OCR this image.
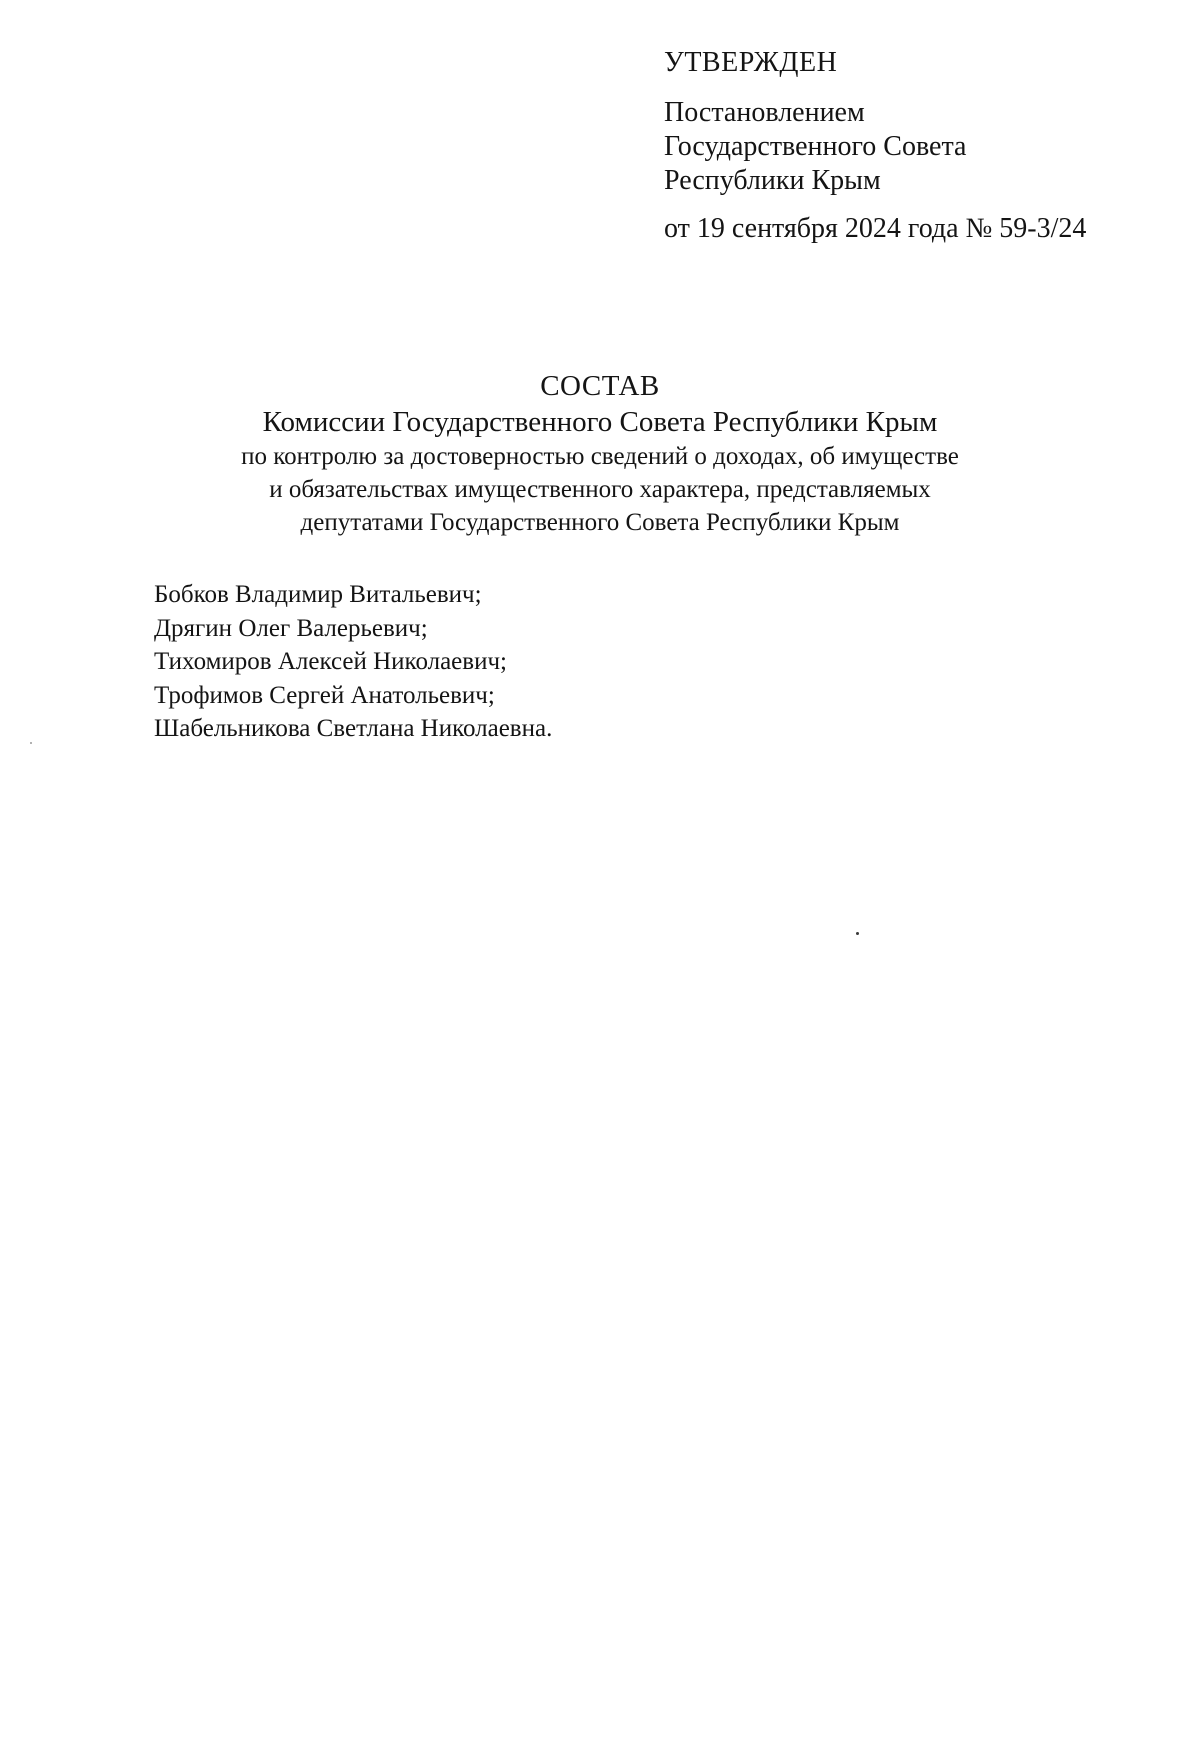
УТВЕРЖДЕН
Постановлением
Государственного Совета
Республики Крым
от 19 сентября 2024 года № 59-3/24
СОСТАВ
Комиссии Государственного Совета Республики Крым
по контролю за достоверностью сведений о доходах, об имуществе
и обязательствах имущественного характера, представляемых
депутатами Государственного Совета Республики Крым
Бобков Владимир Витальевич;
Дрягин Олег Валерьевич;
Тихомиров Алексей Николаевич;
Трофимов Сергей Анатольевич;
Шабельникова Светлана Николаевна.
